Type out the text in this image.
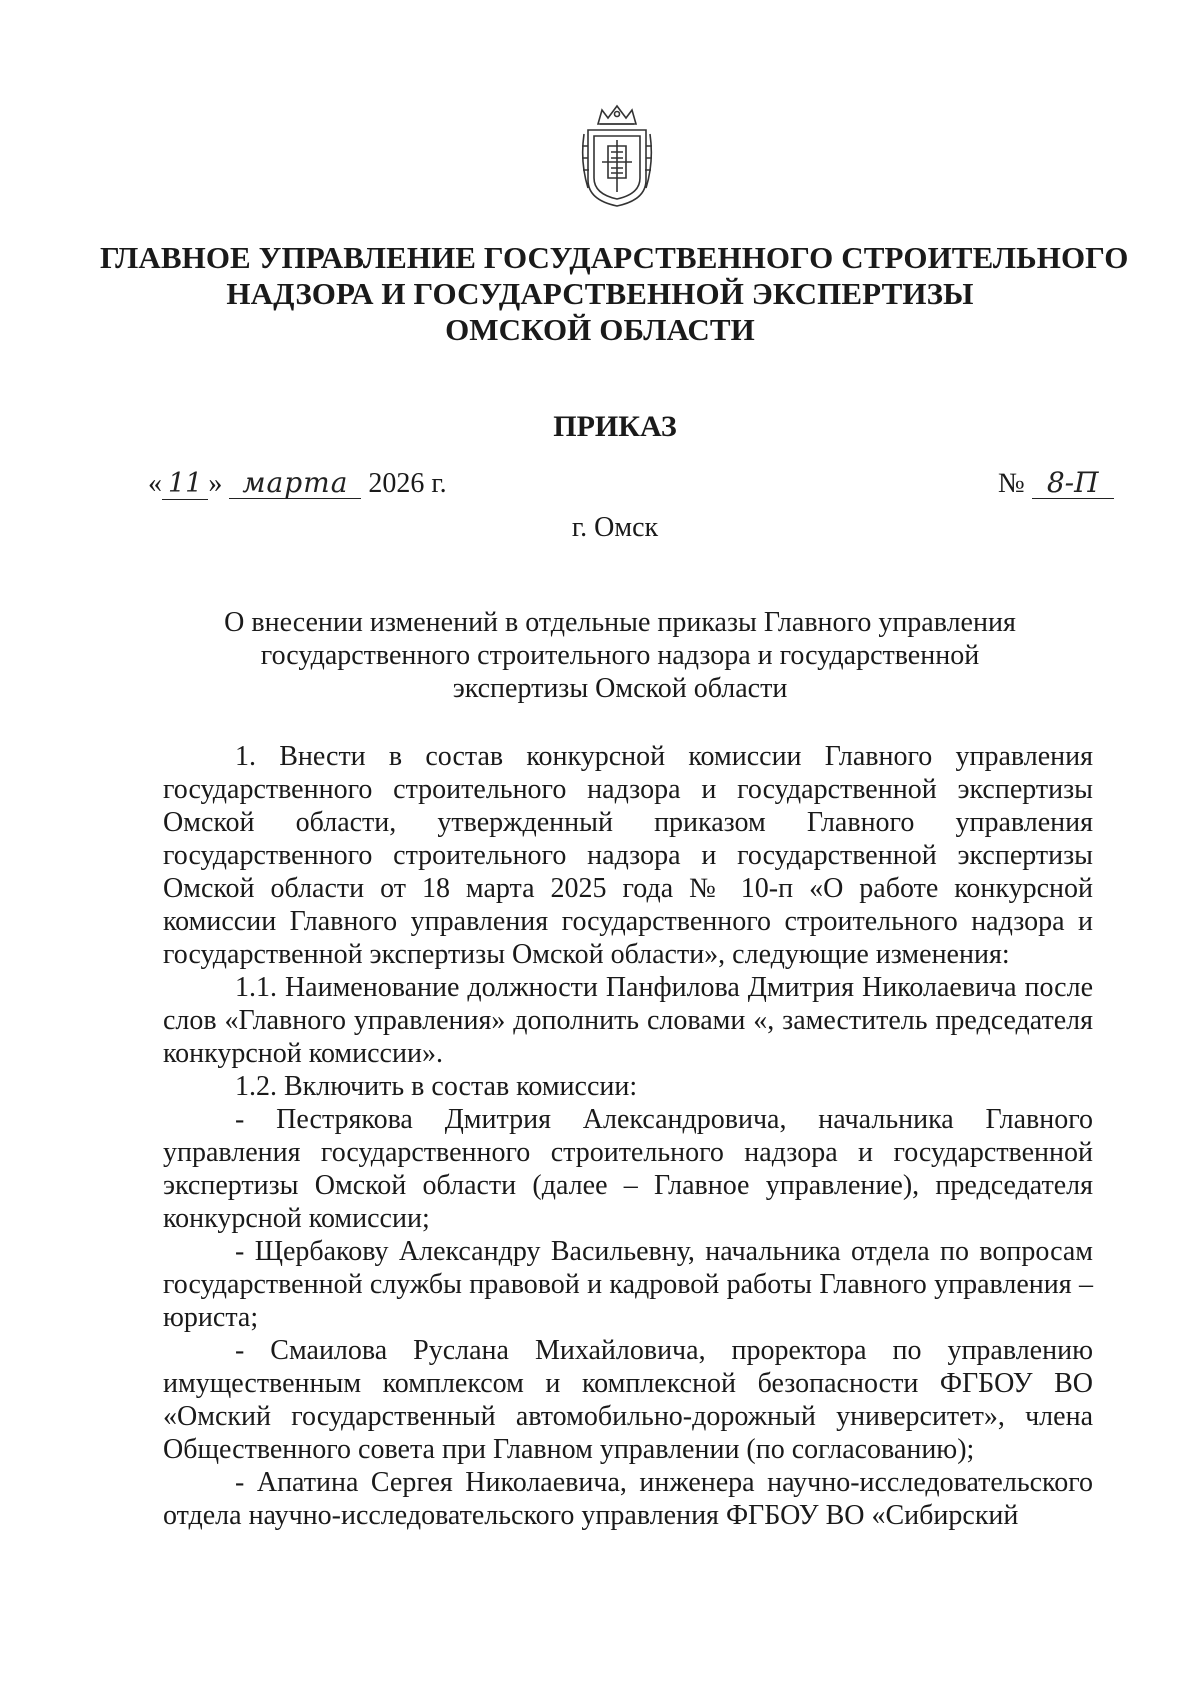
ГЛАВНОЕ УПРАВЛЕНИЕ ГОСУДАРСТВЕННОГО СТРОИТЕЛЬНОГО
НАДЗОРА И ГОСУДАРСТВЕННОЙ ЭКСПЕРТИЗЫ
ОМСКОЙ ОБЛАСТИ
ПРИКАЗ
« 11 » марта 2026 г.	№ 8-П
г. Омск
О внесении изменений в отдельные приказы Главного управления
государственного строительного надзора и государственной
экспертизы Омской области

1. Внести в состав конкурсной комиссии Главного управления государственного строительного надзора и государственной экспертизы Омской области, утвержденный приказом Главного управления государственного строительного надзора и государственной экспертизы Омской области от 18 марта 2025 года № 10-п «О работе конкурсной комиссии Главного управления государственного строительного надзора и государственной экспертизы Омской области», следующие изменения:

1.1. Наименование должности Панфилова Дмитрия Николаевича после слов «Главного управления» дополнить словами «, заместитель председателя конкурсной комиссии».

1.2. Включить в состав комиссии:

- Пестрякова Дмитрия Александровича, начальника Главного управления государственного строительного надзора и государственной экспертизы Омской области (далее – Главное управление), председателя конкурсной комиссии;

- Щербакову Александру Васильевну, начальника отдела по вопросам государственной службы правовой и кадровой работы Главного управления – юриста;

- Смаилова Руслана Михайловича, проректора по управлению имущественным комплексом и комплексной безопасности ФГБОУ ВО «Омский государственный автомобильно-дорожный университет», члена Общественного совета при Главном управлении (по согласованию);

- Апатина Сергея Николаевича, инженера научно-исследовательского отдела научно-исследовательского управления ФГБОУ ВО «Сибирский
